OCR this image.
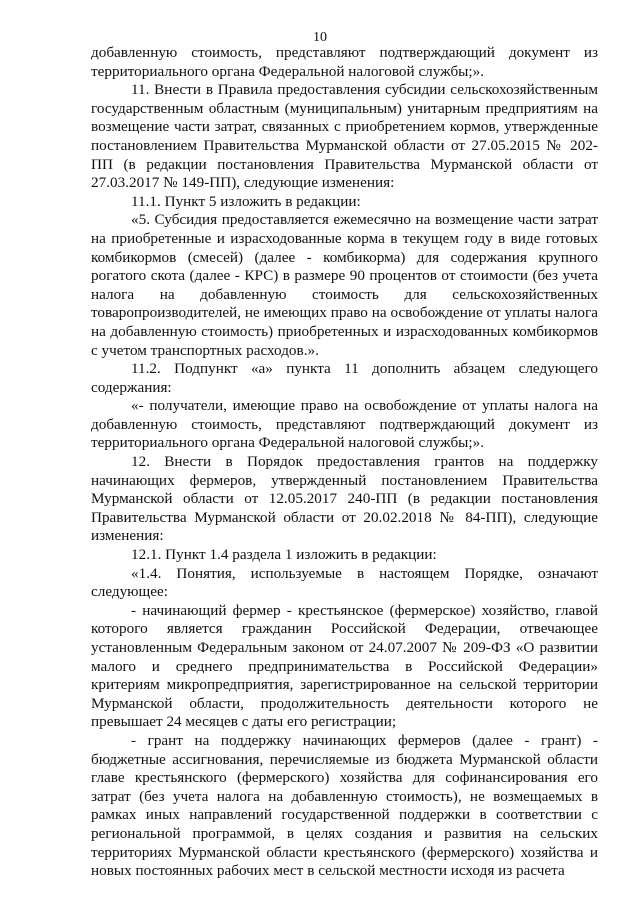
10

добавленную стоимость, представляют подтверждающий документ из территориального органа Федеральной налоговой службы;».

11. Внести в Правила предоставления субсидии сельскохозяйственным государственным областным (муниципальным) унитарным предприятиям на возмещение части затрат, связанных с приобретением кормов, утвержденные постановлением Правительства Мурманской области от 27.05.2015 № 202-ПП (в редакции постановления Правительства Мурманской области от 27.03.2017 № 149-ПП), следующие изменения:

11.1. Пункт 5 изложить в редакции:

«5. Субсидия предоставляется ежемесячно на возмещение части затрат на приобретенные и израсходованные корма в текущем году в виде готовых комбикормов (смесей) (далее - комбикорма) для содержания крупного рогатого скота (далее - КРС) в размере 90 процентов от стоимости (без учета налога на добавленную стоимость для сельскохозяйственных товаропроизводителей, не имеющих право на освобождение от уплаты налога на добавленную стоимость) приобретенных и израсходованных комбикормов с учетом транспортных расходов.».

11.2. Подпункт «а» пункта 11 дополнить абзацем следующего содержания:

«- получатели, имеющие право на освобождение от уплаты налога на добавленную стоимость, представляют подтверждающий документ из территориального органа Федеральной налоговой службы;».

12. Внести в Порядок предоставления грантов на поддержку начинающих фермеров, утвержденный постановлением Правительства Мурманской области от 12.05.2017 240-ПП (в редакции постановления Правительства Мурманской области от 20.02.2018 № 84-ПП), следующие изменения:

12.1. Пункт 1.4 раздела 1 изложить в редакции:

«1.4. Понятия, используемые в настоящем Порядке, означают следующее:

- начинающий фермер - крестьянское (фермерское) хозяйство, главой которого является гражданин Российской Федерации, отвечающее установленным Федеральным законом от 24.07.2007 № 209-ФЗ «О развитии малого и среднего предпринимательства в Российской Федерации» критериям микропредприятия, зарегистрированное на сельской территории Мурманской области, продолжительность деятельности которого не превышает 24 месяцев с даты его регистрации;

- грант на поддержку начинающих фермеров (далее - грант) - бюджетные ассигнования, перечисляемые из бюджета Мурманской области главе крестьянского (фермерского) хозяйства для софинансирования его затрат (без учета налога на добавленную стоимость), не возмещаемых в рамках иных направлений государственной поддержки в соответствии с региональной программой, в целях создания и развития на сельских территориях Мурманской области крестьянского (фермерского) хозяйства и новых постоянных рабочих мест в сельской местности исходя из расчета
